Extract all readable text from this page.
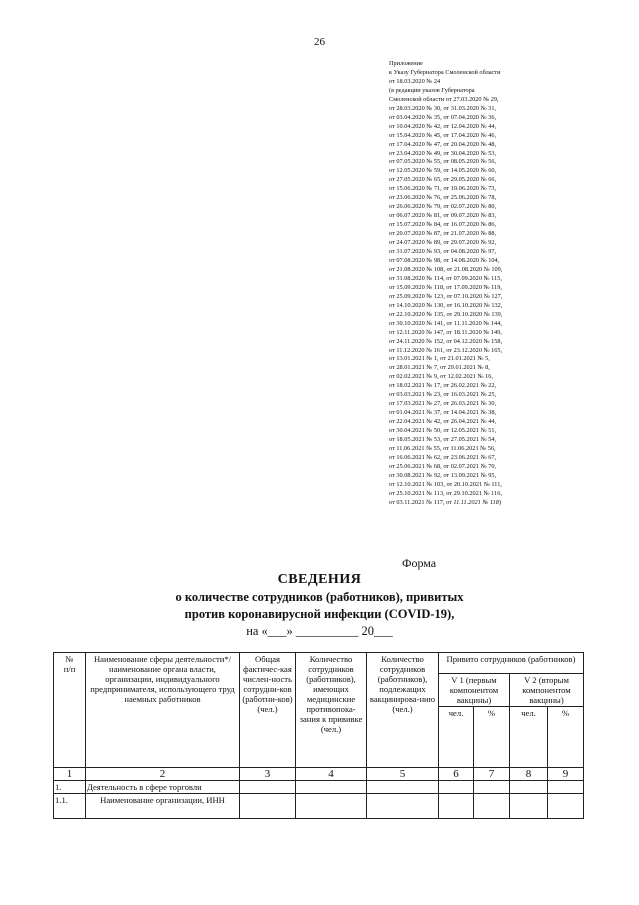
26
Приложение
к Указу Губернатора Смоленской области
от 18.03.2020 № 24
(в редакции указов Губернатора
Смоленской области от 27.03.2020 № 29,
от 28.03.2020 № 30, от 31.03.2020 № 31,
от 03.04.2020 № 35, от 07.04.2020 № 36,
от 10.04.2020 № 42, от 12.04.2020 № 44,
от 15.04.2020 № 45, от 17.04.2020 № 46,
от 17.04.2020 № 47, от 20.04.2020 № 48,
от 23.04.2020 № 49, от 30.04.2020 № 53,
от 07.05.2020 № 55, от 08.05.2020 № 56,
от 12.05.2020 № 59, от 14.05.2020 № 60,
от 27.05.2020 № 65, от 29.05.2020 № 66,
от 15.06.2020 № 71, от 19.06.2020 № 73,
от 23.06.2020 № 76, от 25.06.2020 № 78,
от 26.06.2020 № 79, от 02.07.2020 № 80,
от 06.07.2020 № 81, от 09.07.2020 № 83,
от 15.07.2020 № 84, от 16.07.2020 № 86,
от 20.07.2020 № 87, от 21.07.2020 № 88,
от 24.07.2020 № 89, от 29.07.2020 № 92,
от 31.07.2020 № 93, от 04.08.2020 № 97,
от 07.08.2020 № 98, от 14.08.2020 № 104,
от 21.08.2020 № 108, от 21.08.2020 № 109,
от 31.08.2020 № 114, от 07.09.2020 № 115,
от 15.09.2020 № 118, от 17.09.2020 № 119,
от 25.09.2020 № 123, от 07.10.2020 № 127,
от 14.10.2020 № 130, от 16.10.2020 № 132,
от 22.10.2020 № 135, от 29.10.2020 № 139,
от 30.10.2020 № 141, от 11.11.2020 № 144,
от 12.11.2020 № 147, от 18.11.2020 № 149,
от 24.11.2020 № 152, от 04.12.2020 № 158,
от 11.12.2020 № 161, от 23.12.2020 № 165,
от 13.01.2021 № 1, от 21.01.2021 № 5,
от 28.01.2021 № 7, от 29.01.2021 № 8,
от 02.02.2021 № 9, от 12.02.2021 № 16,
от 18.02.2021 № 17, от 26.02.2021 № 22,
от 03.03.2021 № 23, от 16.03.2021 № 25,
от 17.03.2021 № 27, от 26.03.2021 № 30,
от 01.04.2021 № 37, от 14.04.2021 № 38,
от 22.04.2021 № 42, от 26.04.2021 № 44,
от 30.04.2021 № 50, от 12.05.2021 № 51,
от 18.05.2021 № 53, от 27.05.2021 № 54,
от 11.06.2021 № 55, от 11.06.2021 № 56,
от 16.06.2021 № 62, от 23.06.2021 № 67,
от 25.06.2021 № 68, от 02.07.2021 № 70,
от 30.08.2021 № 92, от 13.09.2021 № 95,
от 12.10.2021 № 103, от 20.10.2021 № 111,
от 25.10.2021 № 113, от 29.10.2021 № 116,
от 03.11.2021 № 117, от 11.11.2021 № 118)
Форма
СВЕДЕНИЯ
о количестве сотрудников (работников), привитых
против коронавирусной инфекции (COVID-19),
на «___» __________ 20___
№
п/п	Наименование сферы деятельности*/наименование органа власти, организации, индивидуального предпринимателя, использующего труд наемных работников	Общая фактичес-кая числен-ность сотрудни-ков (работни-ков) (чел.)	Количество сотрудников (работников), имеющих медицинские противопока-зания к прививке (чел.)	Количество сотрудников (работников), подлежащих вакцинирова-нию (чел.)	Привито сотрудников (работников)			
					V 1 (первым компонентом вакцины)		V 2 (вторым компонентом вакцины)	
					чел.	%	чел.	%
1	2	3	4	5	6	7	8	9
1.	Деятельность в сфере торговли							
1.1.	Наименование организации, ИНН							
